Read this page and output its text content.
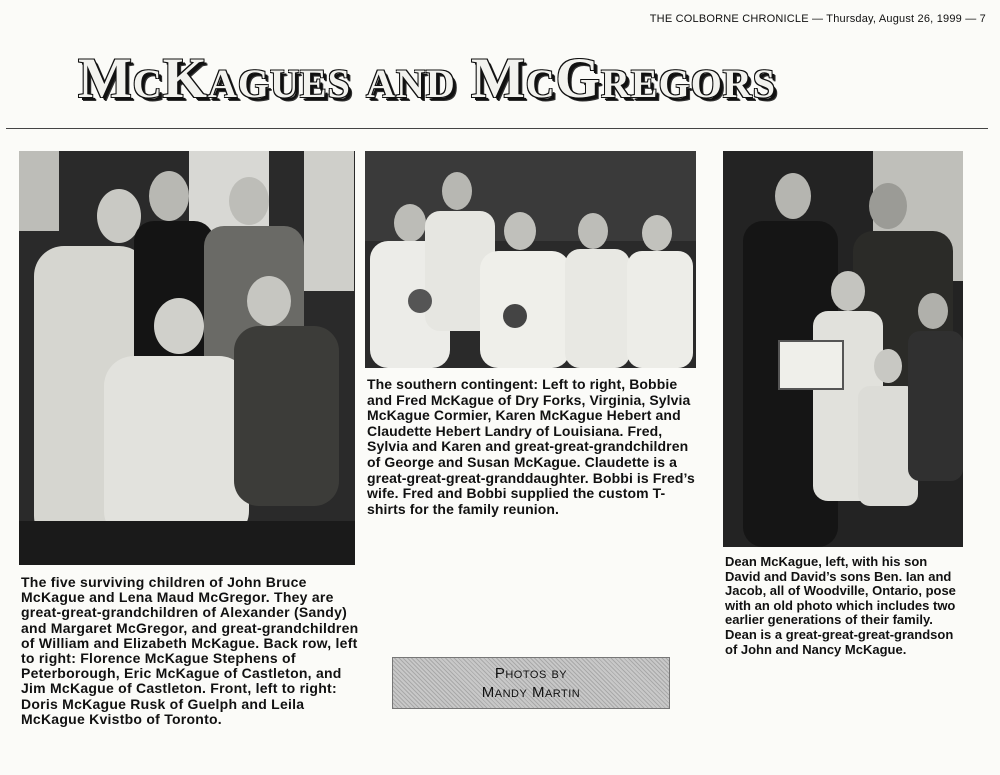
THE COLBORNE CHRONICLE — Thursday, August 26, 1999 — 7
McKagues and McGregors
The five surviving children of John Bruce McKague and Lena Maud McGregor. They are great-great-grandchildren of Alexander (Sandy) and Margaret McGregor, and great-grandchildren of William and Elizabeth McKague. Back row, left to right: Florence McKague Stephens of Peterborough, Eric McKague of Castleton, and Jim McKague of Castleton. Front, left to right: Doris McKague Rusk of Guelph and Leila McKague Kvistbo of Toronto.
The southern contingent: Left to right, Bobbie and Fred McKague of Dry Forks, Virginia, Sylvia McKague Cormier, Karen McKague Hebert and Claudette Hebert Landry of Louisiana. Fred, Sylvia and Karen and great-great-grandchildren of George and Susan McKague. Claudette is a great-great-great-granddaughter. Bobbi is Fred’s wife. Fred and Bobbi supplied the custom T-shirts for the family reunion.
Dean McKague, left, with his son David and David’s sons Ben. Ian and Jacob, all of Woodville, Ontario, pose with an old photo which includes two earlier generations of their family. Dean is a great-great-great-grandson of John and Nancy McKague.
Photos by
Mandy Martin
